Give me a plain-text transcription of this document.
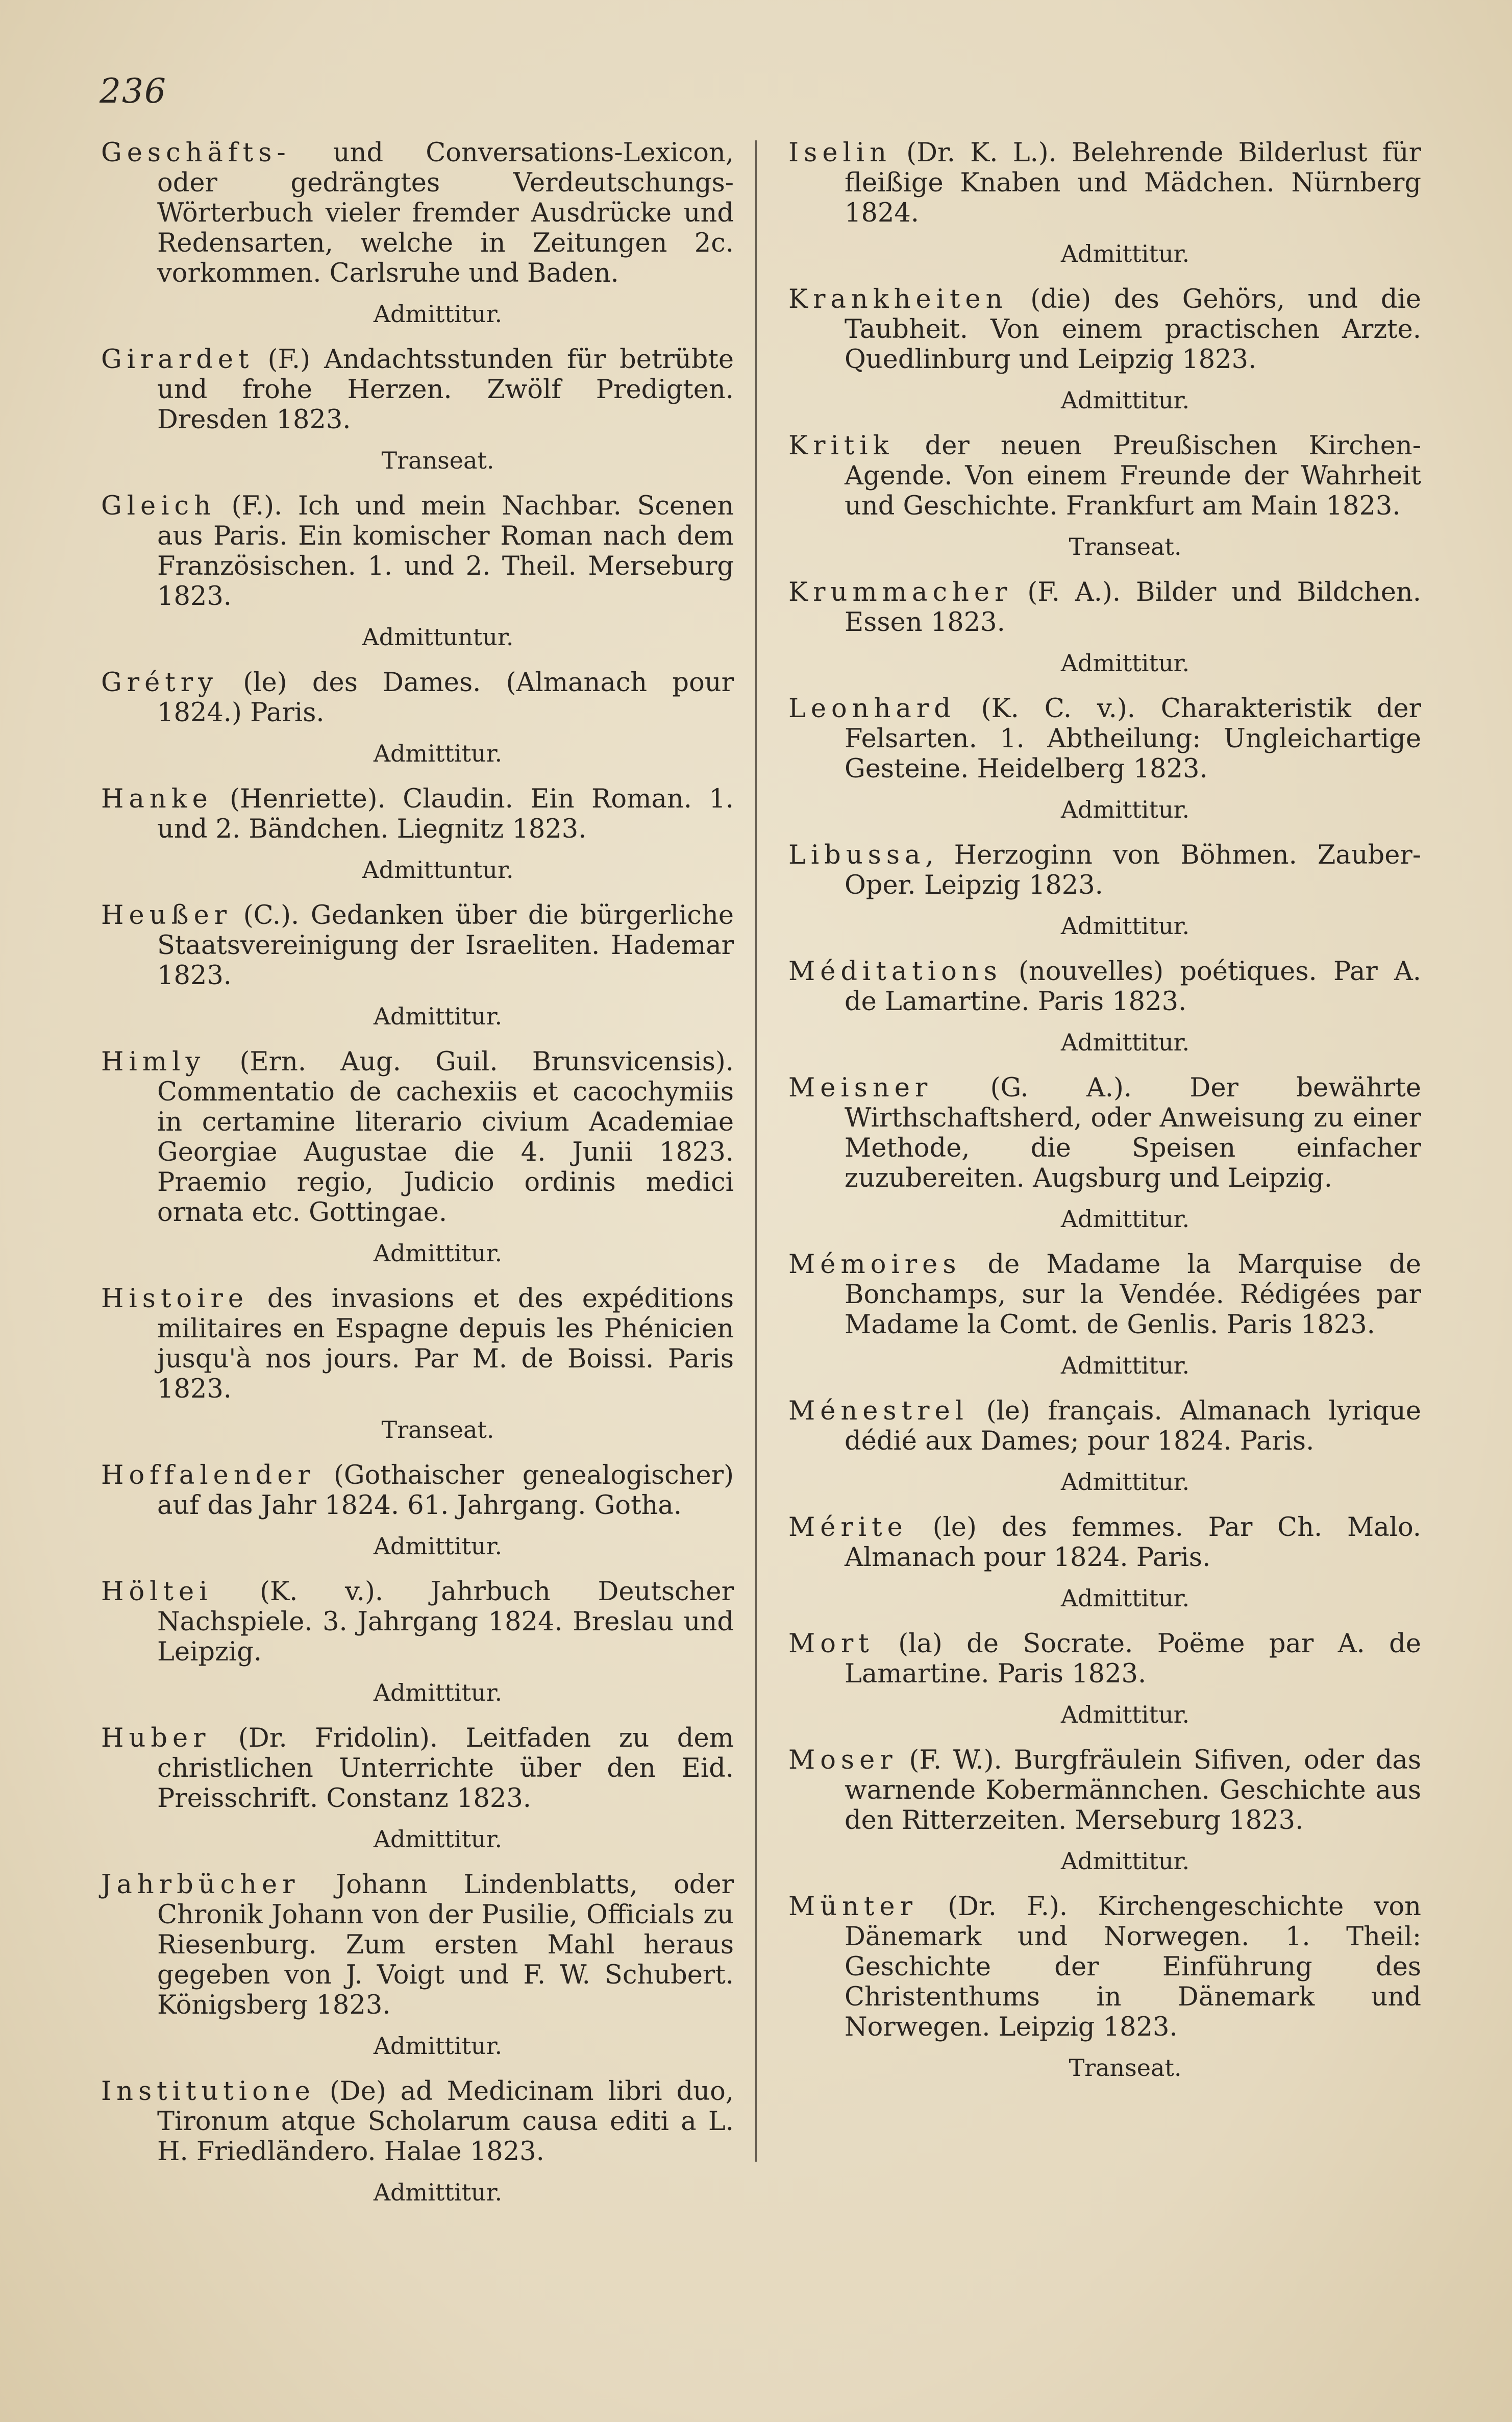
236
Geschäfts- und Conversations-Lexicon, oder gedrängtes Verdeutschungs-Wörterbuch vieler fremder Ausdrücke und Redensarten, welche in Zeitungen 2c. vorkommen. Carlsruhe und Baden.
Admittitur.
Girardet (F.) Andachtsstunden für betrübte und frohe Herzen. Zwölf Predigten. Dresden 1823.
Transeat.
Gleich (F.). Ich und mein Nachbar. Scenen aus Paris. Ein komischer Roman nach dem Französischen. 1. und 2. Theil. Merseburg 1823.
Admittuntur.
Grétry (le) des Dames. (Almanach pour 1824.) Paris.
Admittitur.
Hanke (Henriette). Claudin. Ein Roman. 1. und 2. Bändchen. Liegnitz 1823.
Admittuntur.
Heußer (C.). Gedanken über die bürgerliche Staatsvereinigung der Israeliten. Hademar 1823.
Admittitur.
Himly (Ern. Aug. Guil. Brunsvicensis). Commentatio de cachexiis et cacochymiis in certamine literario civium Academiae Georgiae Augustae die 4. Junii 1823. Praemio regio, Judicio ordinis medici ornata etc. Gottingae.
Admittitur.
Histoire des invasions et des expéditions militaires en Espagne depuis les Phénicien jusqu'à nos jours. Par M. de Boissi. Paris 1823.
Transeat.
Hoffalender (Gothaischer genealogischer) auf das Jahr 1824. 61. Jahrgang. Gotha.
Admittitur.
Höltei (K. v.). Jahrbuch Deutscher Nachspiele. 3. Jahrgang 1824. Breslau und Leipzig.
Admittitur.
Huber (Dr. Fridolin). Leitfaden zu dem christlichen Unterrichte über den Eid. Preisschrift. Constanz 1823.
Admittitur.
Jahrbücher Johann Lindenblatts, oder Chronik Johann von der Pusilie, Officials zu Riesenburg. Zum ersten Mahl heraus gegeben von J. Voigt und F. W. Schubert. Königsberg 1823.
Admittitur.
Institutione (De) ad Medicinam libri duo, Tironum atque Scholarum causa editi a L. H. Friedländero. Halae 1823.
Admittitur.
Iselin (Dr. K. L.). Belehrende Bilderlust für fleißige Knaben und Mädchen. Nürnberg 1824.
Admittitur.
Krankheiten (die) des Gehörs, und die Taubheit. Von einem practischen Arzte. Quedlinburg und Leipzig 1823.
Admittitur.
Kritik der neuen Preußischen Kirchen-Agende. Von einem Freunde der Wahrheit und Geschichte. Frankfurt am Main 1823.
Transeat.
Krummacher (F. A.). Bilder und Bildchen. Essen 1823.
Admittitur.
Leonhard (K. C. v.). Charakteristik der Felsarten. 1. Abtheilung: Ungleichartige Gesteine. Heidelberg 1823.
Admittitur.
Libussa, Herzoginn von Böhmen. Zauber-Oper. Leipzig 1823.
Admittitur.
Méditations (nouvelles) poétiques. Par A. de Lamartine. Paris 1823.
Admittitur.
Meisner (G. A.). Der bewährte Wirthschaftsherd, oder Anweisung zu einer Methode, die Speisen einfacher zuzubereiten. Augsburg und Leipzig.
Admittitur.
Mémoires de Madame la Marquise de Bonchamps, sur la Vendée. Rédigées par Madame la Comt. de Genlis. Paris 1823.
Admittitur.
Ménestrel (le) français. Almanach lyrique dédié aux Dames; pour 1824. Paris.
Admittitur.
Mérite (le) des femmes. Par Ch. Malo. Almanach pour 1824. Paris.
Admittitur.
Mort (la) de Socrate. Poëme par A. de Lamartine. Paris 1823.
Admittitur.
Moser (F. W.). Burgfräulein Sifiven, oder das warnende Kobermännchen. Geschichte aus den Ritterzeiten. Merseburg 1823.
Admittitur.
Münter (Dr. F.). Kirchengeschichte von Dänemark und Norwegen. 1. Theil: Geschichte der Einführung des Christenthums in Dänemark und Norwegen. Leipzig 1823.
Transeat.
